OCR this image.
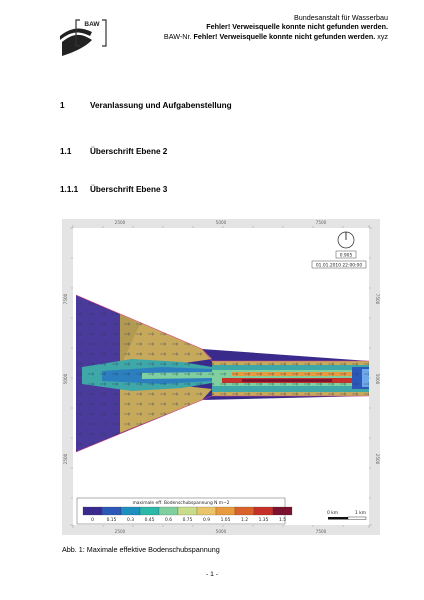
BAW
Bundesanstalt für Wasserbau
Fehler! Verweisquelle konnte nicht gefunden werden.
BAW-Nr. Fehler! Verweisquelle konnte nicht gefunden werden. xyz
1	Veranlassung und Aufgabenstellung
1.1 Überschrift Ebene 2
1.1.1 Überschrift Ebene 3
2500	5000	7500
2500	5000	7500
7500
5000
2500
7500
5000
2500
0.905
01.01.2010 22:00:00
maximale eff. Bodenschubspannung N m−2
0	0.15 0.3 0.45 0.6 0.75 0.9 1.05 1.2 1.35 1.5
0 km	1 km
Abb. 1: Maximale effektive Bodenschubspannung
- 1 -
